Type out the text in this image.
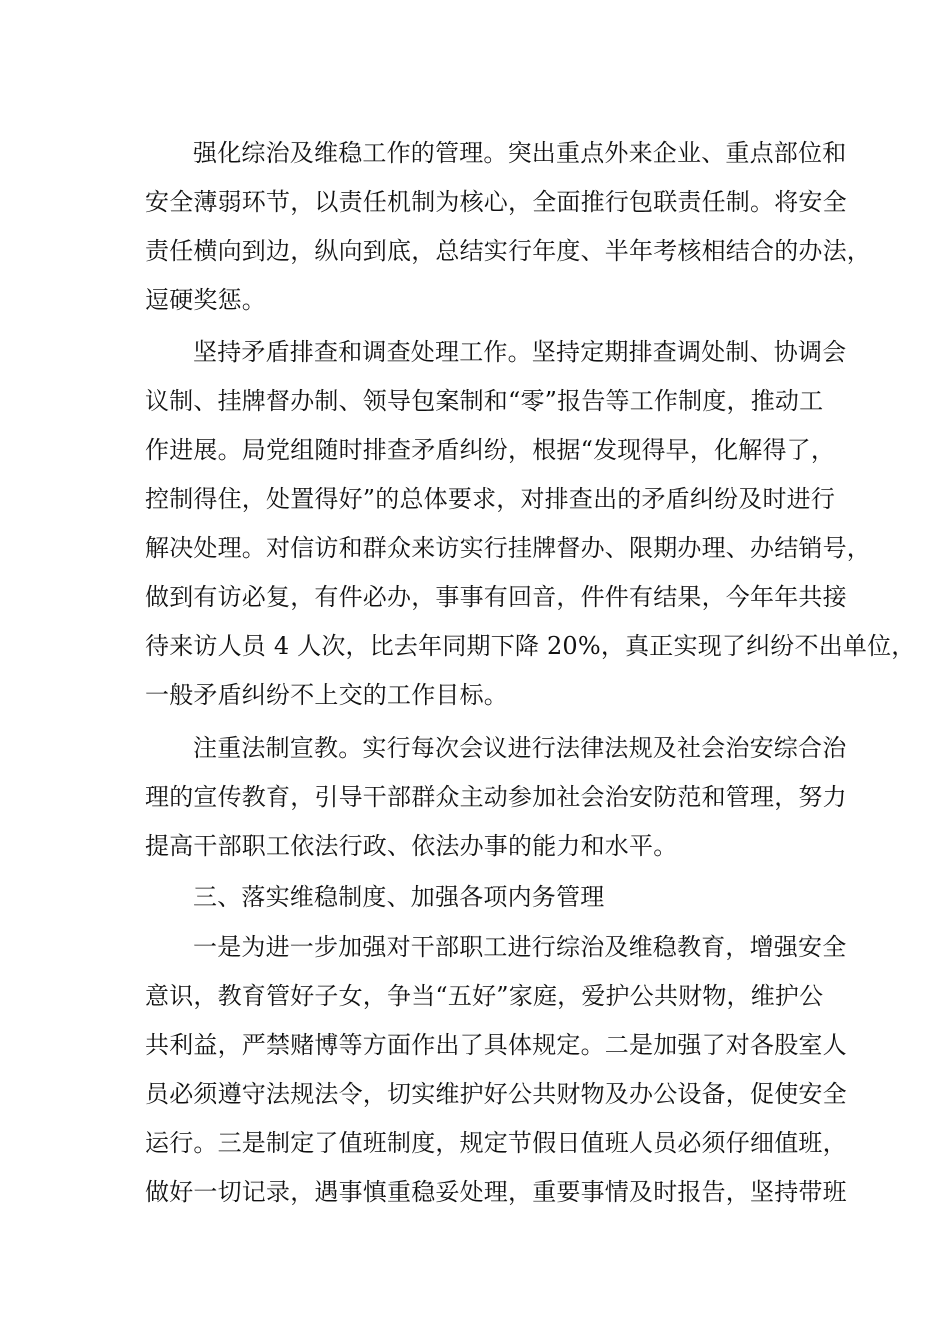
强化综治及维稳工作的管理。突出重点外来企业、重点部位和
安全薄弱环节，以责任机制为核心，全面推行包联责任制。将安全
责任横向到边，纵向到底，总结实行年度、半年考核相结合的办法，
逗硬奖惩。
坚持矛盾排查和调查处理工作。坚持定期排查调处制、协调会
议制、挂牌督办制、领导包案制和“零”报告等工作制度，推动工
作进展。局党组随时排查矛盾纠纷，根据“发现得早，化解得了，
控制得住，处置得好”的总体要求，对排查出的矛盾纠纷及时进行
解决处理。对信访和群众来访实行挂牌督办、限期办理、办结销号，
做到有访必复，有件必办，事事有回音，件件有结果，今年年共接
待来访人员 4 人次，比去年同期下降 20%，真正实现了纠纷不出单位，
一般矛盾纠纷不上交的工作目标。
注重法制宣教。实行每次会议进行法律法规及社会治安综合治
理的宣传教育，引导干部群众主动参加社会治安防范和管理，努力
提高干部职工依法行政、依法办事的能力和水平。
三、落实维稳制度、加强各项内务管理
一是为进一步加强对干部职工进行综治及维稳教育，增强安全
意识，教育管好子女，争当“五好”家庭，爱护公共财物，维护公
共利益，严禁赌博等方面作出了具体规定。二是加强了对各股室人
员必须遵守法规法令，切实维护好公共财物及办公设备，促使安全
运行。三是制定了值班制度，规定节假日值班人员必须仔细值班，
做好一切记录，遇事慎重稳妥处理，重要事情及时报告，坚持带班
